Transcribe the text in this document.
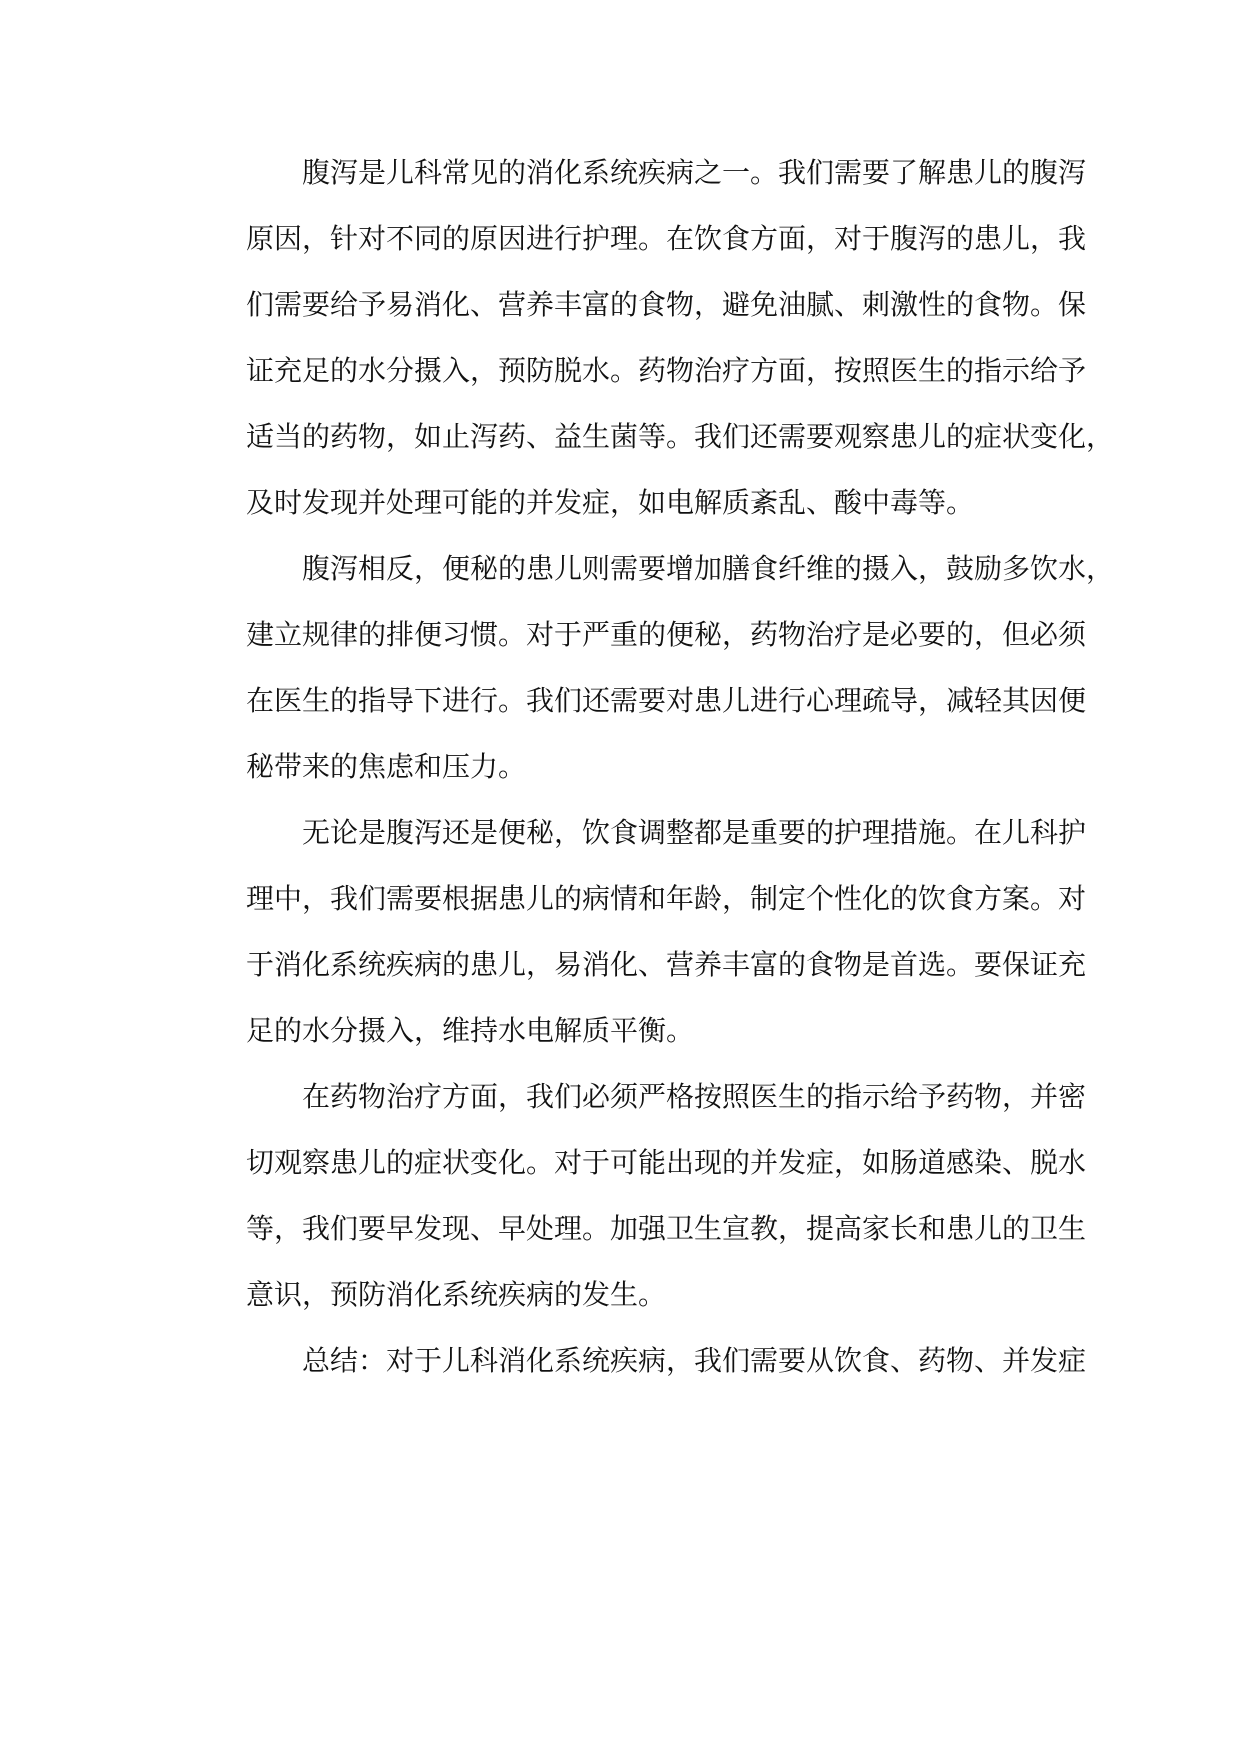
腹泻是儿科常见的消化系统疾病之一。我们需要了解患儿的腹泻
原因，针对不同的原因进行护理。在饮食方面，对于腹泻的患儿，我
们需要给予易消化、营养丰富的食物，避免油腻、刺激性的食物。保
证充足的水分摄入，预防脱水。药物治疗方面，按照医生的指示给予
适当的药物，如止泻药、益生菌等。我们还需要观察患儿的症状变化，
及时发现并处理可能的并发症，如电解质紊乱、酸中毒等。
腹泻相反，便秘的患儿则需要增加膳食纤维的摄入，鼓励多饮水，
建立规律的排便习惯。对于严重的便秘，药物治疗是必要的，但必须
在医生的指导下进行。我们还需要对患儿进行心理疏导，减轻其因便
秘带来的焦虑和压力。
无论是腹泻还是便秘，饮食调整都是重要的护理措施。在儿科护
理中，我们需要根据患儿的病情和年龄，制定个性化的饮食方案。对
于消化系统疾病的患儿，易消化、营养丰富的食物是首选。要保证充
足的水分摄入，维持水电解质平衡。
在药物治疗方面，我们必须严格按照医生的指示给予药物，并密
切观察患儿的症状变化。对于可能出现的并发症，如肠道感染、脱水
等，我们要早发现、早处理。加强卫生宣教，提高家长和患儿的卫生
意识，预防消化系统疾病的发生。
总结：对于儿科消化系统疾病，我们需要从饮食、药物、并发症
